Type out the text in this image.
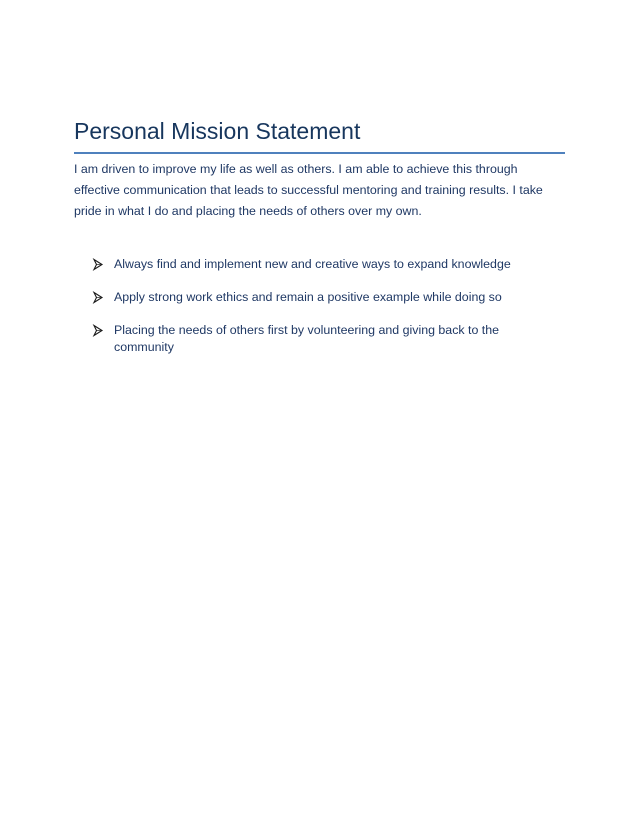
Personal Mission Statement

I am driven to improve my life as well as others. I am able to achieve this through
effective communication that leads to successful mentoring and training results. I take
pride in what I do and placing the needs of others over my own.

Always find and implement new and creative ways to expand knowledge
Apply strong work ethics and remain a positive example while doing so
Placing the needs of others first by volunteering and giving back to the community
